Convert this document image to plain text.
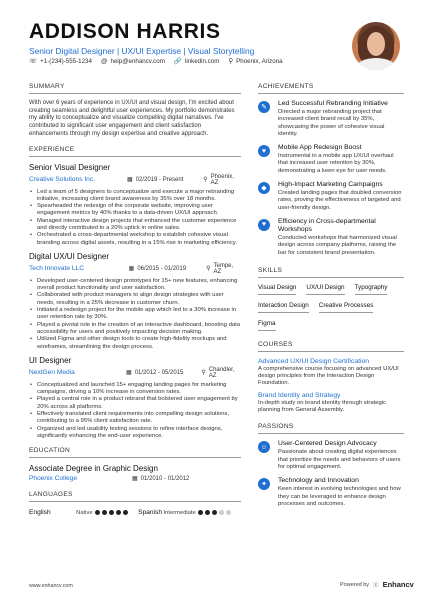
ADDISON HARRIS
Senior Digital Designer | UX/UI Expertise | Visual Storytelling
☏ +1-(234)-555-1234 @ help@enhancv.com 🔗 linkedin.com ⚲ Phoenix, Arizona
SUMMARY
With over 6 years of experience in UX/UI and visual design, I'm excited about creating seamless and delightful user experiences. My portfolio demonstrates my ability to conceptualize and visualize compelling digital narratives. I've contributed to significant user engagement and client satisfaction enhancements through my design expertise and creative approach.
EXPERIENCE
Senior Visual Designer
Creative Solutions Inc.	▦ 02/2019 - Present	⚲
Phoenix, AZ
• Led a team of 5 designers to conceptualize and execute a major rebranding initiative, increasing client brand awareness by 35% over 18 months.
• Spearheaded the redesign of the corporate website, improving user engagement metrics by 40% thanks to a data-driven UX/UI approach.
• Managed interactive design projects that enhanced the customer experience and directly contributed to a 20% uptick in online sales.
• Orchestrated a cross-departmental workshop to establish cohesive visual branding across digital assets, resulting in a 15% rise in marketing efficiency.
Digital UX/UI Designer
Tech Innovate LLC	▦ 06/2015 - 01/2019	⚲
Tempe, AZ
• Developed user-centered design prototypes for 15+ new features, enhancing overall product functionality and user satisfaction.
• Collaborated with product managers to align design strategies with user needs, resulting in a 25% decrease in customer churn.
• Initiated a redesign project for the mobile app which led to a 30% increase in user retention rate by 30%.
• Played a pivotal role in the creation of an interactive dashboard, boosting data accessibility for users and positively impacting decision making.
• Utilized Figma and other design tools to create high-fidelity mockups and wireframes, streamlining the design process.
UI Designer
NextGen Media	▦ 01/2012 - 05/2015	⚲
Chandler, AZ
• Conceptualized and launched 15+ engaging landing pages for marketing campaigns, driving a 10% increase in conversion rates.
• Played a central role in a product rebrand that bolstered user engagement by 20% across all platforms.
• Effectively translated client requirements into compelling design solutions, contributing to a 95% client satisfaction rate.
• Organized and led usability testing sessions to refine interface designs, significantly enhancing the end-user experience.
EDUCATION
Associate Degree in Graphic Design
Phoenix College	▦ 01/2010 - 01/2012
LANGUAGES
English	Native	Spanish Intermediate
ACHIEVEMENTS
✎
Led Successful Rebranding Initiative
Directed a major rebranding project that increased client brand recall by 35%, showcasing the power of cohesive visual identity.
♥	Mobile App Redesign Boost
Instrumental in a mobile app UX/UI overhaul that increased user retention by 30%, demonstrating a keen eye for user needs.
◆
High-Impact Marketing Campaigns
Created landing pages that doubled conversion rates, proving the effectiveness of targeted and user-friendly design.
♥	Efficiency in Cross-departmental Workshops
Conducted workshops that harmonized visual design across company platforms, raising the bar for consistent brand presentation.
SKILLS
Visual Design UX/UI Design Typography
Interaction Design Creative Processes
Figma
COURSES
Advanced UX/UI Design Certification
A comprehensive course focusing on advanced UX/UI design principles from the Interaction Design Foundation.
Brand Identity and Strategy
In-depth study on brand identity through strategic planning from General Assembly.
PASSIONS
☺	User-Centered Design Advocacy
Passionate about creating digital experiences that prioritize the needs and behaviors of users for optimal engagement.
✦
Technology and Innovation
Keen interest in evolving technologies and how they can be leveraged to enhance design processes and outcomes.
www.enhancv.com	Powered by Ⓔ Enhancv
